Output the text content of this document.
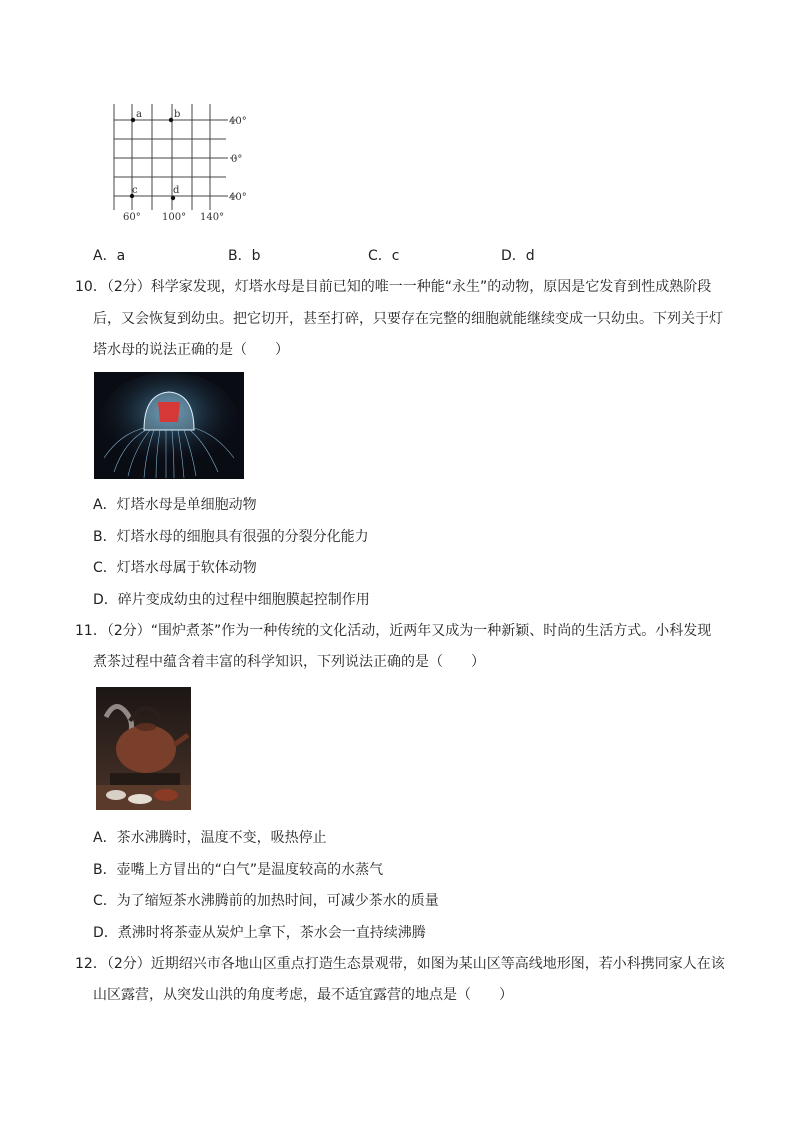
a	b
c	d
40°
0°
40°
60° 100° 140°
A．a	B．b	C．c	D．d
10．（2分）科学家发现，灯塔水母是目前已知的唯一一种能“永生”的动物，原因是它发育到性成熟阶段
后，又会恢复到幼虫。把它切开，甚至打碎，只要存在完整的细胞就能继续变成一只幼虫。下列关于灯
塔水母的说法正确的是（　　）
A．灯塔水母是单细胞动物
B．灯塔水母的细胞具有很强的分裂分化能力
C．灯塔水母属于软体动物
D．碎片变成幼虫的过程中细胞膜起控制作用
11．（2分）“围炉煮茶”作为一种传统的文化活动，近两年又成为一种新颖、时尚的生活方式。小科发现
煮茶过程中蕴含着丰富的科学知识，下列说法正确的是（　　）
A．茶水沸腾时，温度不变，吸热停止
B．壶嘴上方冒出的“白气”是温度较高的水蒸气
C．为了缩短茶水沸腾前的加热时间，可减少茶水的质量
D．煮沸时将茶壶从炭炉上拿下，茶水会一直持续沸腾
12．（2分）近期绍兴市各地山区重点打造生态景观带，如图为某山区等高线地形图，若小科携同家人在该
山区露营，从突发山洪的角度考虑，最不适宜露营的地点是（　　）
